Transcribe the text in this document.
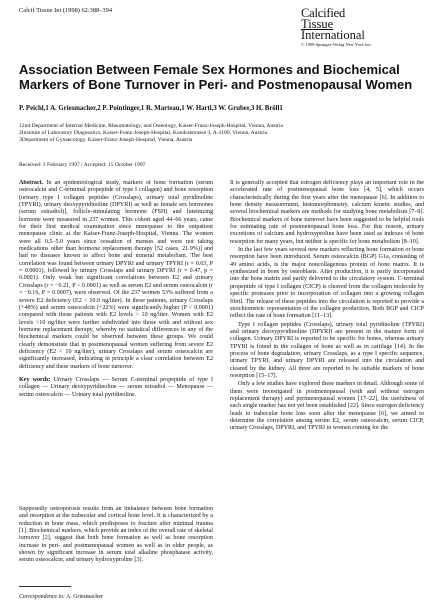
Calcif Tissue Int (1998) 62:388–394	Calcified
Tissue
International
© 1998 Springer-Verlag New York Inc.
Association Between Female Sex Hormones and Biochemical Markers of Bone Turnover in Peri- and Postmenopausal Women
P. Peichl,1 A. Griesmacher,2 P. Pointinger,1 R. Marteau,1 W. Hartl,3 W. Gruber,3 H. Bröll1
12nd Department of Internal Medicine, Rheumatology, and Osteology, Kaiser-Franz-Joseph-Hospital, Vienna, Austria
2Institute of Laboratory Diagnostics, Kaiser-Franz-Joseph-Hospital, Kundratstrasse 3, A-1100, Vienna, Austria
3Department of Gynaecology, Kaiser-Franz-Joseph-Hospital, Vienna, Austria
Received: 3 February 1997 / Accepted: 15 October 1997

Abstract. In an epidemiological study, markers of bone formation (serum osteocalcin and C-terminal propeptide of type I collagen) and bone resorption (urinary type I collagen peptides (Crosslaps), urinary total pyridinoline (TPYRI), urinary deoxypyridinoline (DPYRI) as well as female sex hormones (serum estradiol)], follicle-stimulating hormone (FSH) and luteinizing hormone were measured in 237 women. This cohort aged 44–66 years, came for their first medical examination since menopause to the outpatient menopause clinic at the Kaiser-Franz-Joseph-Hospital, Vienna. The women were all 0.5–5.0 years since cessation of menses and were not taking medications other than hormone replacement therapy [52 cases, 21.9%)] and had no diseases known to affect bone and mineral metabolism. The best correlation was found between urinary DPYRI and urinary TPYRI (r = 0.63, P = 0.0001), followed by urinary Crosslaps and urinary DPYRI (r = 0.47, p = 0.0001). Only weak but significant correlations between E2 and urinary Crosslaps (r = −0.21, P < 0.0001) as well as serum E2 and serum osteocalcin (r = −0.16, P = 0.0007), were observed. Of the 237 women 53% suffered from a severe E2 deficiency (E2 < 10.0 ng/liter). In these patients, urinary Crosslaps (+48%) and serum osteocalcin (+22%) were significantly higher (P < 0.0001) compared with those patients with E2 levels > 10 ng/liter. Women with E2 levels >10 ng/liter were further subdivided into those with and without sex hormone replacement therapy, whereby no statistical differences in any of the biochemical markers could be observed between these groups. We could clearly demonstrate that in postmenopausal women suffering from severe E2 deficiency (E2 < 10 ng/liter), urinary Crosslaps and serum osteocalcin are significantly increased, indicating in principle a clear correlation between E2 deficiency and these markers of bone turnover.

Key words: Urinary Crosslaps — Serum C-terminal propeptide of type I collagen — Urinary deoxypyridinoline — serum estradiol — Menopause — serum osteocalcin — Urinary total pyridinoline.

Supposedly osteoporosis results from an imbalance between bone formation and resorption at the trabecular and cortical bone level. It is characterized by a reduction in bone mass, which predisposes to fracture after minimal trauma [1]. Biochemical markers, which provide an index of the overall rate of skeletal turnover [2], suggest that both bone formation as well as bone resorption increase in peri- and postmenopausal women as well as in older people, as shown by significant increase in serum total alkaline phosphatase activity, serum osteocalcin, and urinary hydroxyproline [3].

It is generally accepted that estrogen deficiency plays an important role in the accelerated rate of postmenopausal bone loss [4, 5], which occurs characteristically during the first years after the menopause [6]. In addition to bone density measurement, histomorphometry, calcium kinetic studies, and several biochemical markers are methods for studying bone metabolism [7–9]. Biochemical markers of bone turnover have been suggested to be helpful tools for estimating rate of postmenopausal bone loss. For this reason, urinary excretions of calcium and hydroxyproline have been used as indexes of bone resorption for many years, but neither is specific for bone metabolism [8–10].

In the last few years several new markers reflecting bone formation or bone resorption have been introduced. Serum osteocalcin (BGP) G1a, consisting of 49 amino acids, is the major noncollagenous protein of bone matrix. It is synthesized in bone by osteoblasts. After production, it is partly incorporated into the bone matrix and partly delivered to the circulatory system. C-terminal propeptide of type I collagen (CICP) is cleaved from the collagen molecule by specific proteases prior to incorporation of collagen into a growing collagen fibril. The release of these peptides into the circulation is reported to provide a stoichiometric representation of the collagen production. Both BGP and CICP reflect the rate of bone formation [11–13].

Type I collagen peptides (Crosslaps), urinary total pyridinoline (TPYRI) and urinary deoxypyridinoline (DPYRI) are present in the mature form of collagen. Urinary DPYRI is reported to be specific for bones, whereas urinary TPYRI is found in the collagen of bone as well as in cartilage [14]. In the process of bone degradation, urinary Crosslaps, as a type I specific sequence, urinary TPYRI, and urinary DPYRI are released into the circulation and cleared by the kidney. All three are reported to be suitable markers of bone resorption [15–17].

Only a few studies have explored these markers in detail. Although some of them were investigated in postmenopausal (with and without estrogen replacement therapy) and perimenopausal women [17–22], the usefulness of each single marker has not yet been established [22]. Since estrogen deficiency leads to trabecular bone loss soon after the menopause [6], we aimed to determine the correlation among serum E2, serum osteocalcin, serum CICP, urinary Crosslaps, DPYRI, and TPYRI in women coming for the

Correspondence to: A. Griesmacher
